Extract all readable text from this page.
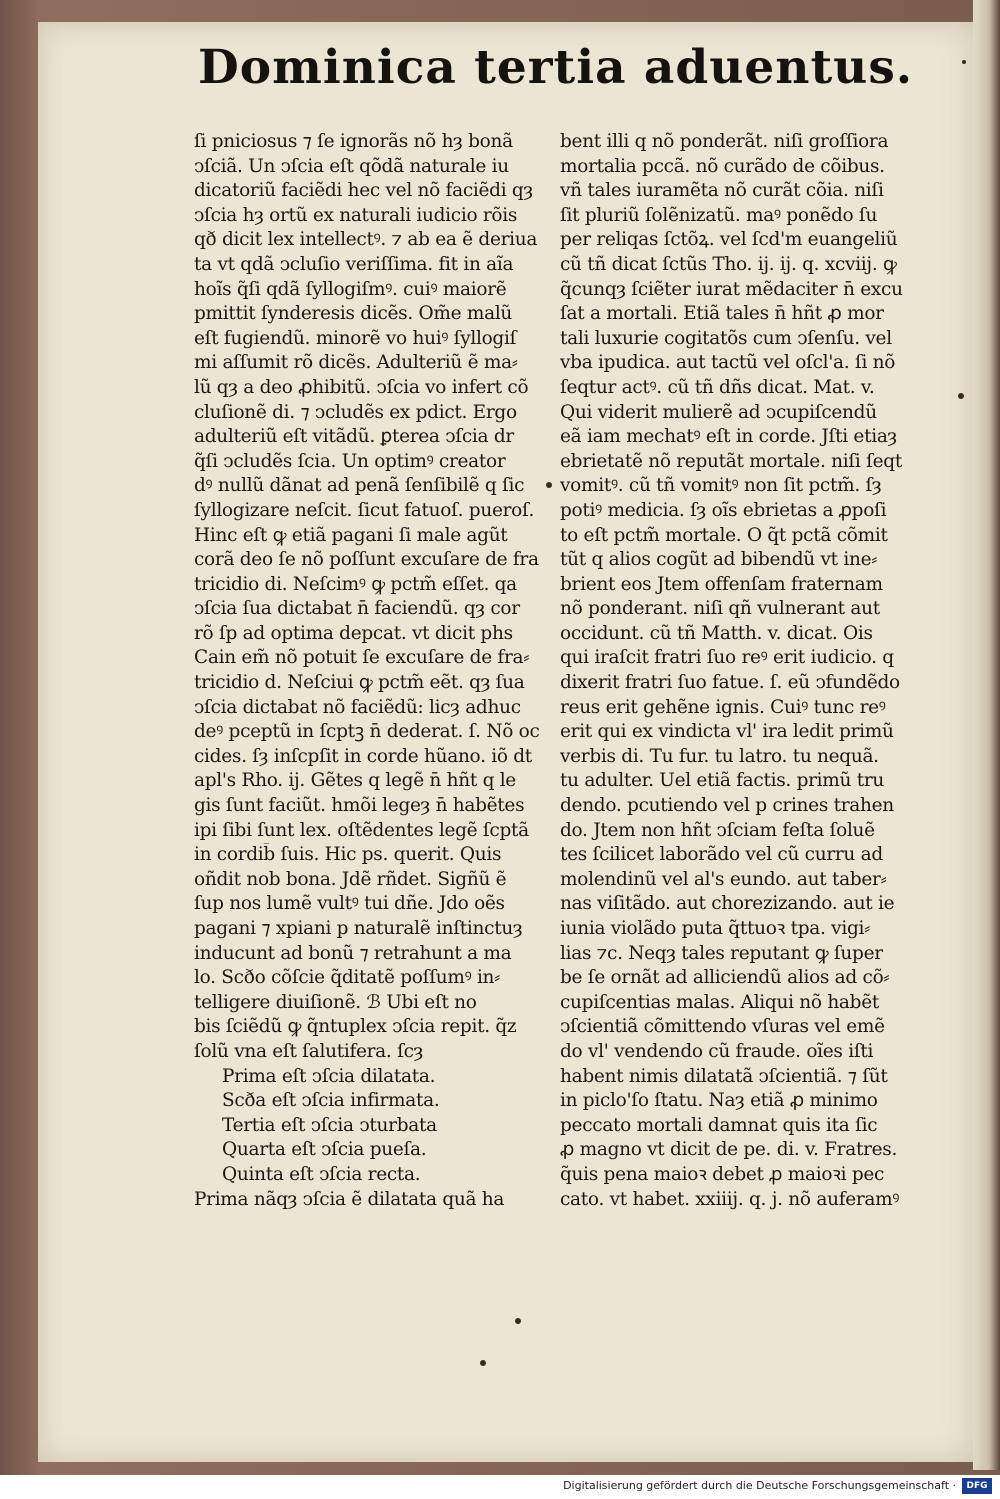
Dominica tertia aduentus.
ſi pniciosus ⁊ ſe ignorãs nõ hȝ bonã
ↄſciã. Un ↄſcia eſt qõdã naturale iu
dicatoriũ faciẽdi hec vel nõ faciẽdi qȝ
ↄſcia hȝ ortũ ex naturali iudicio rõis
qð dicit lex intellectꝰ. ⁊ ab ea ẽ deriua
ta vt qdã ↄcluſio veriſſima. fit in aĩa
hoĩs q̃ſi qdã ſyllogiſmꝰ. cuiꝰ maiorẽ
pmittit ſynderesis dicẽs. Om̃e malũ
eſt fugiendũ. minorẽ vo huiꝰ ſyllogiſ
mi aſſumit rõ dicẽs. Adulteriũ ẽ ma⸗
lũ qȝ a deo ꝓhibitũ. ↄſcia vo infert cõ
cluſionẽ di. ⁊ ↄcludẽs ex pdict. Ergo
adulteriũ eſt vitãdũ. ꝑterea ↄſcia dr
q̃ſi ↄcludẽs ſcia. Un optimꝰ creator
dꝰ nullũ dãnat ad penã ſenſibilẽ q ſic
ſyllogizare neſcit. ſicut fatuoſ. pueroſ.
Hinc eſt ꝙ etiã pagani ſi male agũt
corã deo ſe nõ poſſunt excuſare de fra
tricidio di. Neſcimꝰ ꝙ pctm̃ eſſet. qa
ↄſcia ſua dictabat n̄ faciendũ. qȝ cor
rõ ſp ad optima depcat. vt dicit phs
Cain em̃ nõ potuit ſe excuſare de fra⸗
tricidio d. Neſciui ꝙ pctm̃ eẽt. qȝ ſua
ↄſcia dictabat nõ faciẽdũ: licȝ adhuc
deꝰ pceptũ in ſcptꝫ n̄ dederat. ſ. Nõ oc
cides. ſȝ inſcpſit in corde hũano. iõ dt
apl's Rho. ij. Gẽtes q legẽ n̄ hñt q le
gis ſunt faciũt. hmõi legeȝ n̄ habẽtes
ipi ſibi ſunt lex. oſtẽdentes legẽ ſcptã
in cordib̄ ſuis. Hic ps. querit. Quis
oñdit nob bona. Jdẽ rñdet. Sigñũ ẽ
ſup nos lumẽ vultꝰ tui dñe. Jdo oẽs
pagani ⁊ xpiani p naturalẽ inſtinctuȝ
inducunt ad bonũ ⁊ retrahunt a ma
lo. Scðo cõſcie q̃ditatẽ poſſumꝰ in⸗
telligere diuiſionẽ. ℬ Ubi eſt no
bis ſciẽdũ ꝙ q̃ntuplex ↄſcia repit. q̃z
ſolũ vna eſt ſalutifera. ſcȝ
Prima eſt ↄſcia dilatata.
Scða eſt ↄſcia infirmata.
Tertia eſt ↄſcia ↄturbata
Quarta eſt ↄſcia pueſa.
Quinta eſt ↄſcia recta.
Prima nãqȝ ↄſcia ẽ dilatata quã ha
bent illi q nõ ponderãt. niſi groſſiora
mortalia pccã. nõ curãdo de cõibus.
vñ tales iuramẽta nõ curãt cõia. niſi
ſit pluriũ ſolẽnizatũ. maꝰ ponẽdo ſu
per reliqas ſctõꝝ. vel ſcd'm euangeliũ
cũ tñ dicat ſctũs Tho. ij. ij. q. xcviij. ꝙ
q̃cunqȝ ſciẽter iurat mẽdaciter n̄ excu
ſat a mortali. Etiã tales n̄ hñt ꝓ mor
tali luxurie cogitatõs cum ↄſenſu. vel
vba ipudica. aut tactũ vel oſcl'a. ſi nõ
ſeqtur actꝰ. cũ tñ dñs dicat. Mat. v.
Qui viderit mulierẽ ad ↄcupiſcendũ
eã iam mechatꝰ eſt in corde. Jſti etiaȝ
ebrietatẽ nõ reputãt mortale. niſi ſeqt
vomitꝰ. cũ tñ vomitꝰ non ſit pctm̃. ſȝ
potiꝰ medicia. ſȝ oĩs ebrietas a ꝓpoſi
to eſt pctm̃ mortale. O q̃t pctã cõmit
tũt q alios cogũt ad bibendũ vt ine⸗
brient eos Jtem offenſam fraternam
nõ ponderant. niſi qñ vulnerant aut
occidunt. cũ tñ Matth. v. dicat. Ois
qui iraſcit fratri ſuo reꝰ erit iudicio. q
dixerit fratri ſuo fatue. ſ. eũ ↄfundẽdo
reus erit gehẽne ignis. Cuiꝰ tunc reꝰ
erit qui ex vindicta vl' ira ledit primũ
verbis di. Tu fur. tu latro. tu nequã.
tu adulter. Uel etiã factis. primũ tru
dendo. pcutiendo vel p crines trahen
do. Jtem non hñt ↄſciam feſta ſoluẽ
tes ſcilicet laborãdo vel cũ curru ad
molendinũ vel al's eundo. aut taber⸗
nas viſitãdo. aut chorezizando. aut ie
iunia violãdo puta q̃ttuoꝛ tpa. vigi⸗
lias ⁊c. Neqȝ tales reputant ꝙ ſuper
be ſe ornãt ad alliciendũ alios ad cõ⸗
cupiſcentias malas. Aliqui nõ habẽt
ↄſcientiã cõmittendo vſuras vel emẽ
do vl' vendendo cũ fraude. oĩes iſti
habent nimis dilatatã ↄſcientiã. ⁊ ſũt
in piclo'ſo ſtatu. Naȝ etiã ꝓ minimo
peccato mortali damnat quis ita ſic
ꝓ magno vt dicit de pe. di. v. Fratres.
q̃uis pena maioꝛ debet ꝓ maioꝛi pec
cato. vt habet. xxiiij. q. j. nõ auferamꝰ
Digitalisierung gefördert durch die Deutsche Forschungsgemeinschaft ·	DFG
